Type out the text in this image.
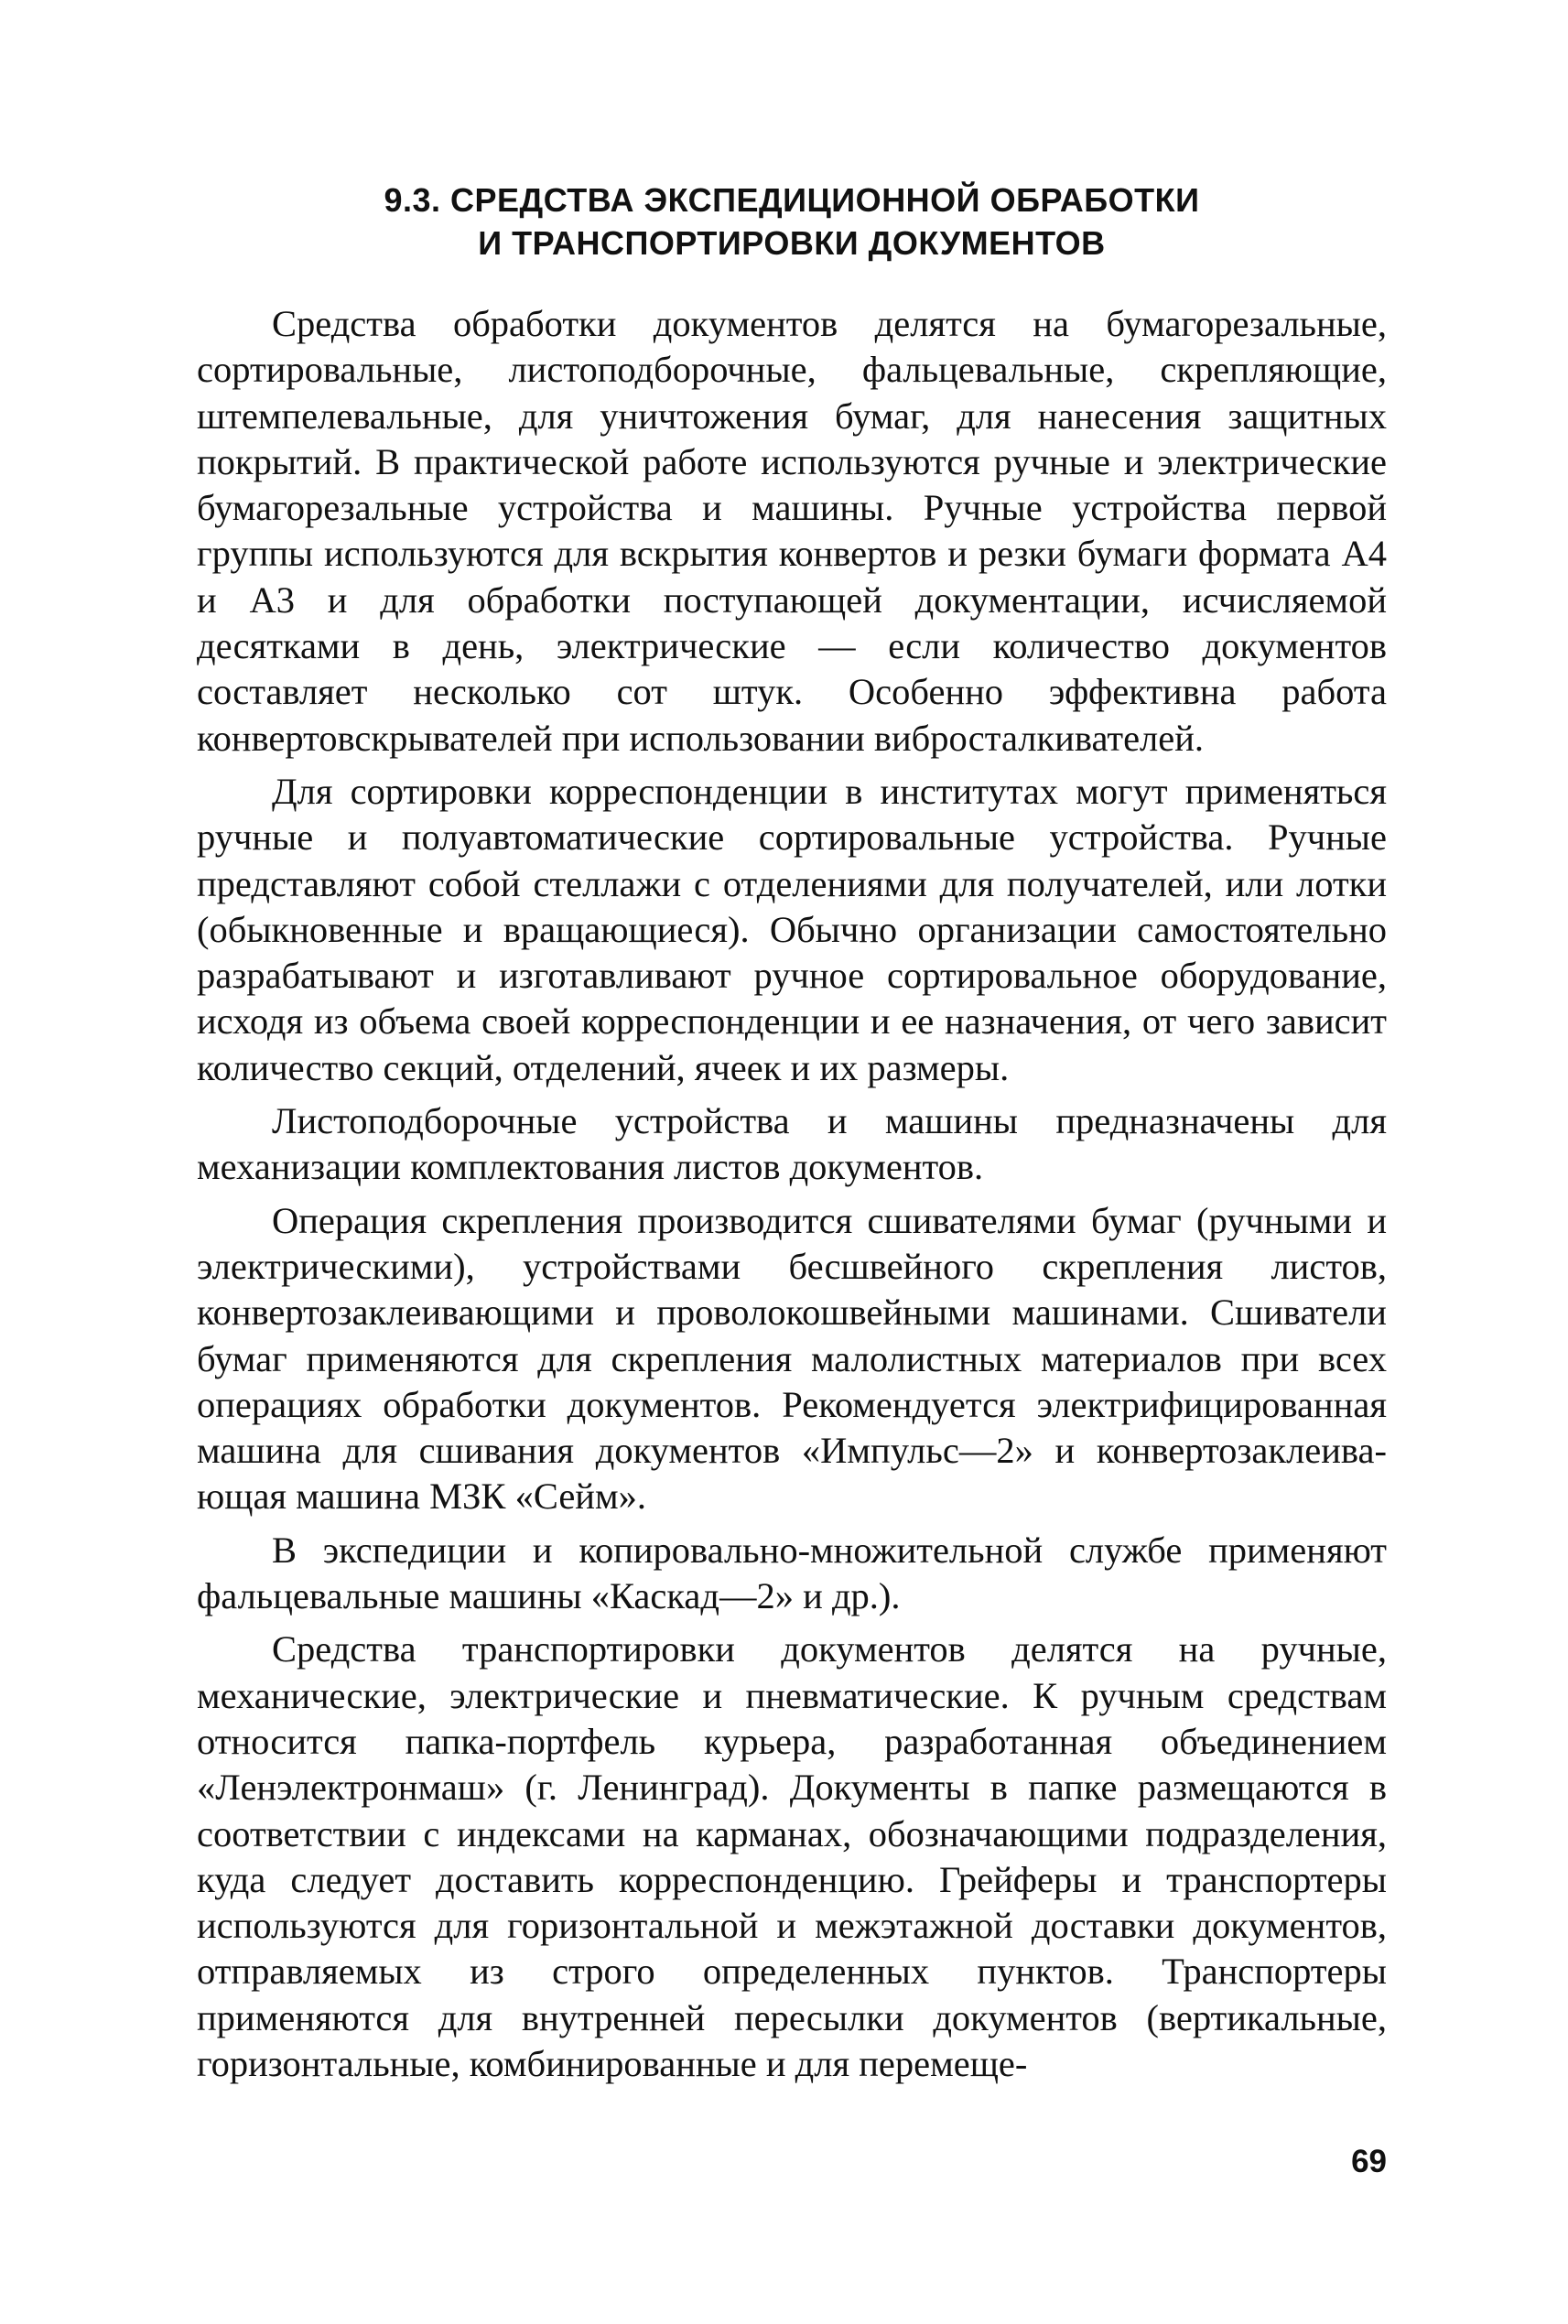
9.3. СРЕДСТВА ЭКСПЕДИЦИОННОЙ ОБРАБОТКИ
И ТРАНСПОРТИРОВКИ ДОКУМЕНТОВ

Средства обработки документов делятся на бумагорезальные, сортировальные, листоподборочные, фальцевальные, скрепляющие, штемпелевальные, для уничтожения бумаг, для нанесения защитных покрытий. В практической работе используются ручные и электрические бумагорезальные устройства и машины. Ручные устройства первой группы используются для вскрытия конвертов и резки бумаги формата А4 и А3 и для обработки поступающей документации, исчисляемой десятками в день, электрические — если количество документов составляет несколько сот штук. Особенно эффективна работа конвертовскрывателей при использовании вибросталкивателей.

Для сортировки корреспонденции в институтах могут применяться ручные и полуавтоматические сортировальные устройства. Ручные представляют собой стеллажи с отделениями для получателей, или лотки (обыкновенные и вращающиеся). Обычно организации самостоятельно разрабатывают и изготавливают ручное сортировальное оборудование, исходя из объема своей корреспонденции и ее назначения, от чего зависит количество секций, отделений, ячеек и их размеры.

Листоподборочные устройства и машины предназначены для механизации комплектования листов документов.

Операция скрепления производится сшивателями бумаг (ручными и электрическими), устройствами бесшвейного скрепления листов, конвертозаклеивающими и проволокошвейными машинами. Сшиватели бумаг применяются для скрепления малолистных материалов при всех операциях обработки документов. Рекомендуется электрифицированная машина для сшивания документов «Импульс—2» и конвертозаклеивающая машина МЗК «Сейм».

В экспедиции и копировально-множительной службе применяют фальцевальные машины «Каскад—2» и др.).

Средства транспортировки документов делятся на ручные, механические, электрические и пневматические. К ручным средствам относится папка-портфель курьера, разработанная объединением «Ленэлектронмаш» (г. Ленинград). Документы в папке размещаются в соответствии с индексами на карманах, обозначающими подразделения, куда следует доставить корреспонденцию. Грейферы и транспортеры используются для горизонтальной и межэтажной доставки документов, отправляемых из строго определенных пунктов. Транспортеры применяются для внутренней пересылки документов (вертикальные, горизонтальные, комбинированные и для перемеще-

69
